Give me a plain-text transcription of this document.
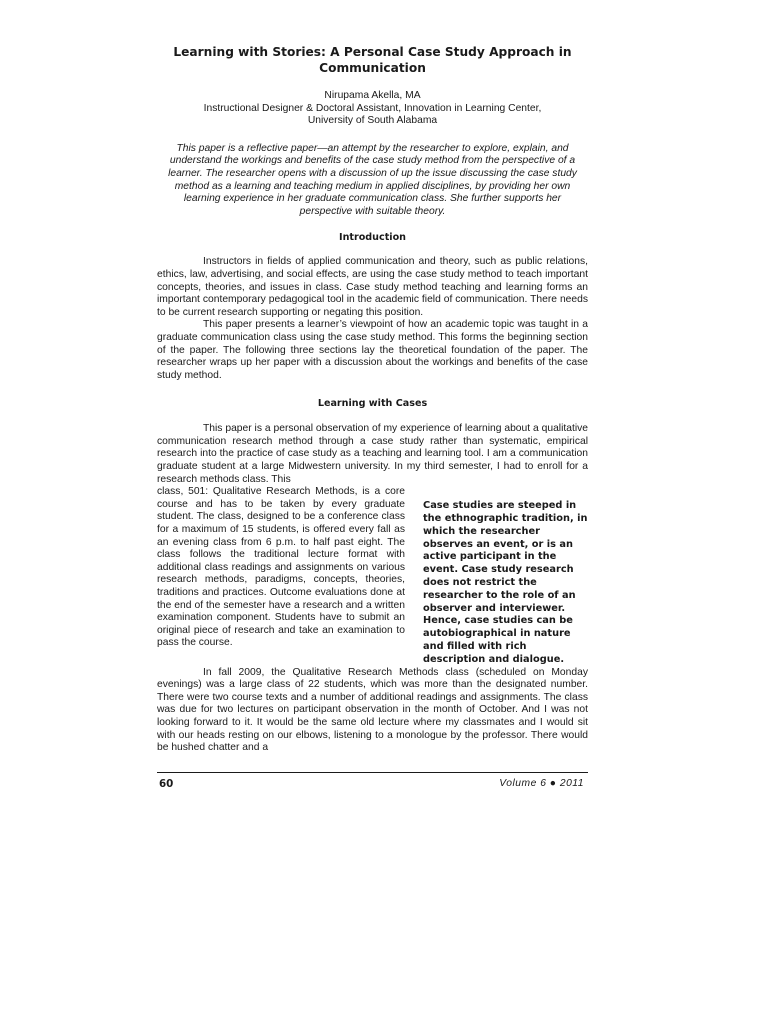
Learning with Stories: A Personal Case Study Approach in Communication
Nirupama Akella, MA
Instructional Designer & Doctoral Assistant, Innovation in Learning Center,
University of South Alabama

This paper is a reflective paper—an attempt by the researcher to explore, explain, and understand the workings and benefits of the case study method from the perspective of a learner. The researcher opens with a discussion of up the issue discussing the case study method as a learning and teaching medium in applied disciplines, by providing her own learning experience in her graduate communication class. She further supports her perspective with suitable theory.

Introduction

Instructors in fields of applied communication and theory, such as public relations, ethics, law, advertising, and social effects, are using the case study method to teach important concepts, theories, and issues in class. Case study method teaching and learning forms an important contemporary pedagogical tool in the academic field of communication. There needs to be current research supporting or negating this position.

This paper presents a learner’s viewpoint of how an academic topic was taught in a graduate communication class using the case study method. This forms the beginning section of the paper. The following three sections lay the theoretical foundation of the paper. The researcher wraps up her paper with a discussion about the workings and benefits of the case study method.

Learning with Cases

This paper is a personal observation of my experience of learning about a qualitative communication research method through a case study rather than systematic, empirical research into the practice of case study as a teaching and learning tool. I am a communication graduate student at a large Midwestern university. In my third semester, I had to enroll for a research methods class. This

class, 501: Qualitative Research Methods, is a core course and has to be taken by every graduate student. The class, designed to be a conference class for a maximum of 15 students, is offered every fall as an evening class from 6 p.m. to half past eight. The class follows the traditional lecture format with additional class readings and assignments on various research methods, paradigms, concepts, theories, traditions and practices. Outcome evaluations done at the end of the semester have a research and a written examination component. Students have to submit an original piece of research and take an examination to pass the course.
Case studies are steeped in the ethnographic tradition, in which the researcher observes an event, or is an active participant in the event. Case study research does not restrict the researcher to the role of an observer and interviewer. Hence, case studies can be autobiographical in nature and filled with rich description and dialogue.

In fall 2009, the Qualitative Research Methods class (scheduled on Monday evenings) was a large class of 22 students, which was more than the designated number. There were two course texts and a number of additional readings and assignments. The class was due for two lectures on participant observation in the month of October. And I was not looking forward to it. It would be the same old lecture where my classmates and I would sit with our heads resting on our elbows, listening to a monologue by the professor. There would be hushed chatter and a

60	Volume 6 ● 2011
